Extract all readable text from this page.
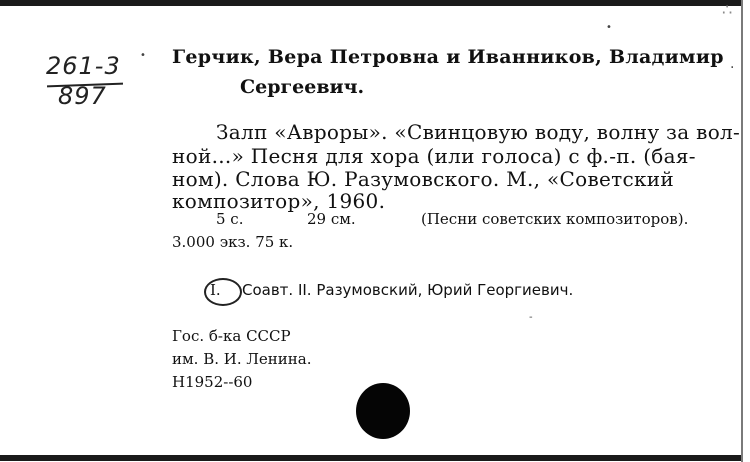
261-3
897
Герчик, Вера Петровна и Иванников, Владимир
Сергеевич.
Залп «Авроры». «Свинцовую воду, волну за вол-
ной...» Песня для хора (или голоса) с ф.-п. (бая-
ном). Слова Ю. Разумовского. М., «Советский
композитор», 1960.
5 с.	29 см.	(Песни советских композиторов).
3.000 экз. 75 к.
I. Соавт. II. Разумовский, Юрий Георгиевич.
Гос. б-ка СССР
им. В. И. Ленина.
Н1952--60
•
∴
·
-
•
